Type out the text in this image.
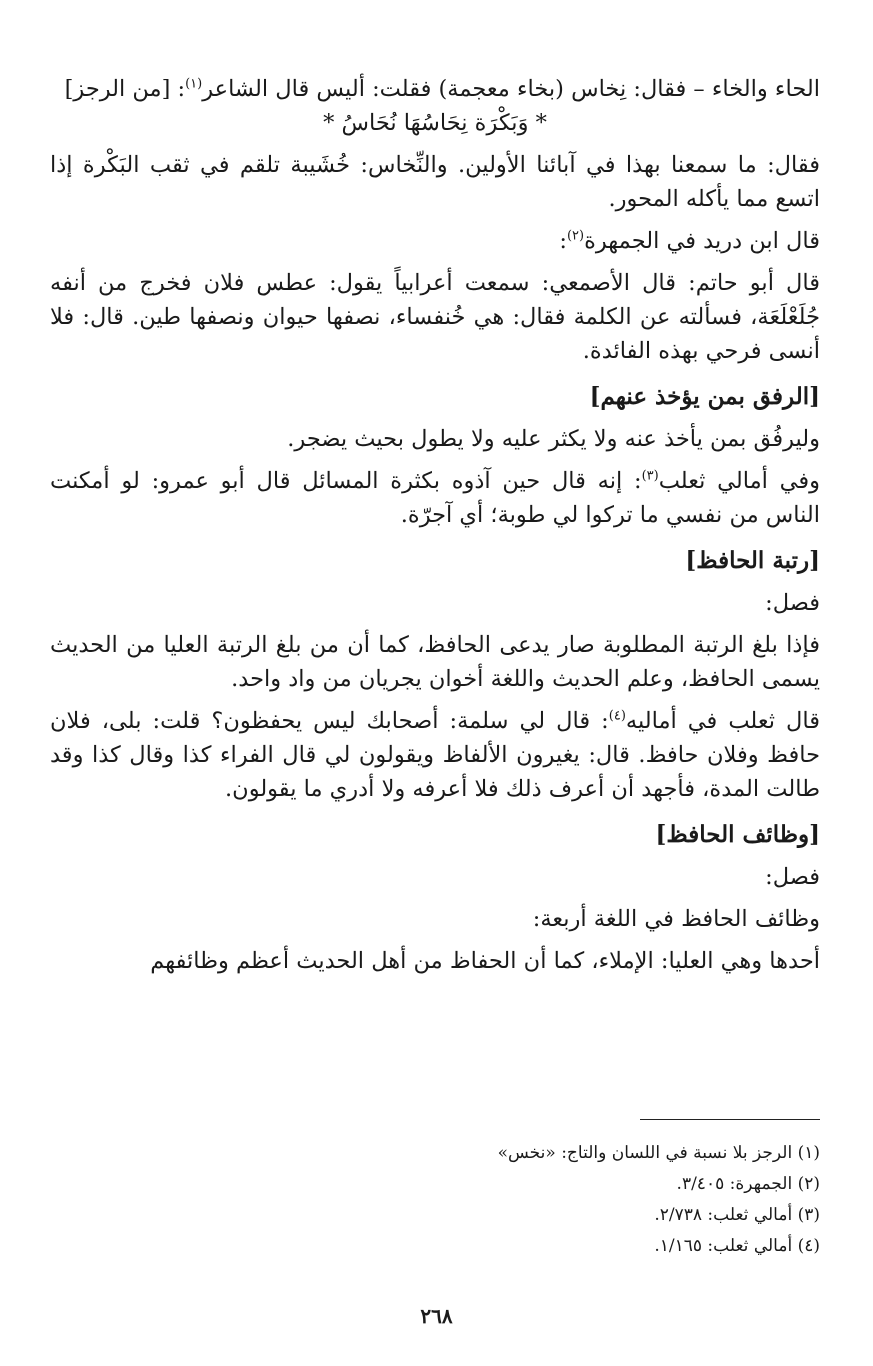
الحاء والخاء – فقال: نِخاس (بخاء معجمة) فقلت: أليس قال الشاعر$^{(١)}$: [من الرجز]

* وَبَكْرَة نِحَاسُهَا نُحَاسُ *

فقال: ما سمعنا بهذا في آبائنا الأولين. والنِّخاس: خُشَيبة تلقم في ثقب البَكْرة إذا اتسع مما يأكله المحور.

قال ابن دريد في الجمهرة$^{(٢)}$:

قال أبو حاتم: قال الأصمعي: سمعت أعرابياً يقول: عطس فلان فخرج من أنفه جُلَعْلَعَة، فسألته عن الكلمة فقال: هي خُنفساء، نصفها حيوان ونصفها طين. قال: فلا أنسى فرحي بهذه الفائدة.

[الرفق بمن يؤخذ عنهم]

وليرفُق بمن يأخذ عنه ولا يكثر عليه ولا يطول بحيث يضجر.

وفي أمالي ثعلب$^{(٣)}$: إنه قال حين آذوه بكثرة المسائل قال أبو عمرو: لو أمكنت الناس من نفسي ما تركوا لي طوبة؛ أي آجرّة.

[رتبة الحافظ]

فصل:

فإذا بلغ الرتبة المطلوبة صار يدعى الحافظ، كما أن من بلغ الرتبة العليا من الحديث يسمى الحافظ، وعلم الحديث واللغة أخوان يجريان من واد واحد.

قال ثعلب في أماليه$^{(٤)}$: قال لي سلمة: أصحابك ليس يحفظون؟ قلت: بلى، فلان حافظ وفلان حافظ. قال: يغيرون الألفاظ ويقولون لي قال الفراء كذا وقال كذا وقد طالت المدة، فأجهد أن أعرف ذلك فلا أعرفه ولا أدري ما يقولون.

[وظائف الحافظ]

فصل:

وظائف الحافظ في اللغة أربعة:

أحدها وهي العليا: الإملاء، كما أن الحفاظ من أهل الحديث أعظم وظائفهم

(١) الرجز بلا نسبة في اللسان والتاج: «نخس»

(٢) الجمهرة: ٣/٤٠٥.

(٣) أمالي ثعلب: ٢/٧٣٨.

(٤) أمالي ثعلب: ١/١٦٥.

٢٦٨
